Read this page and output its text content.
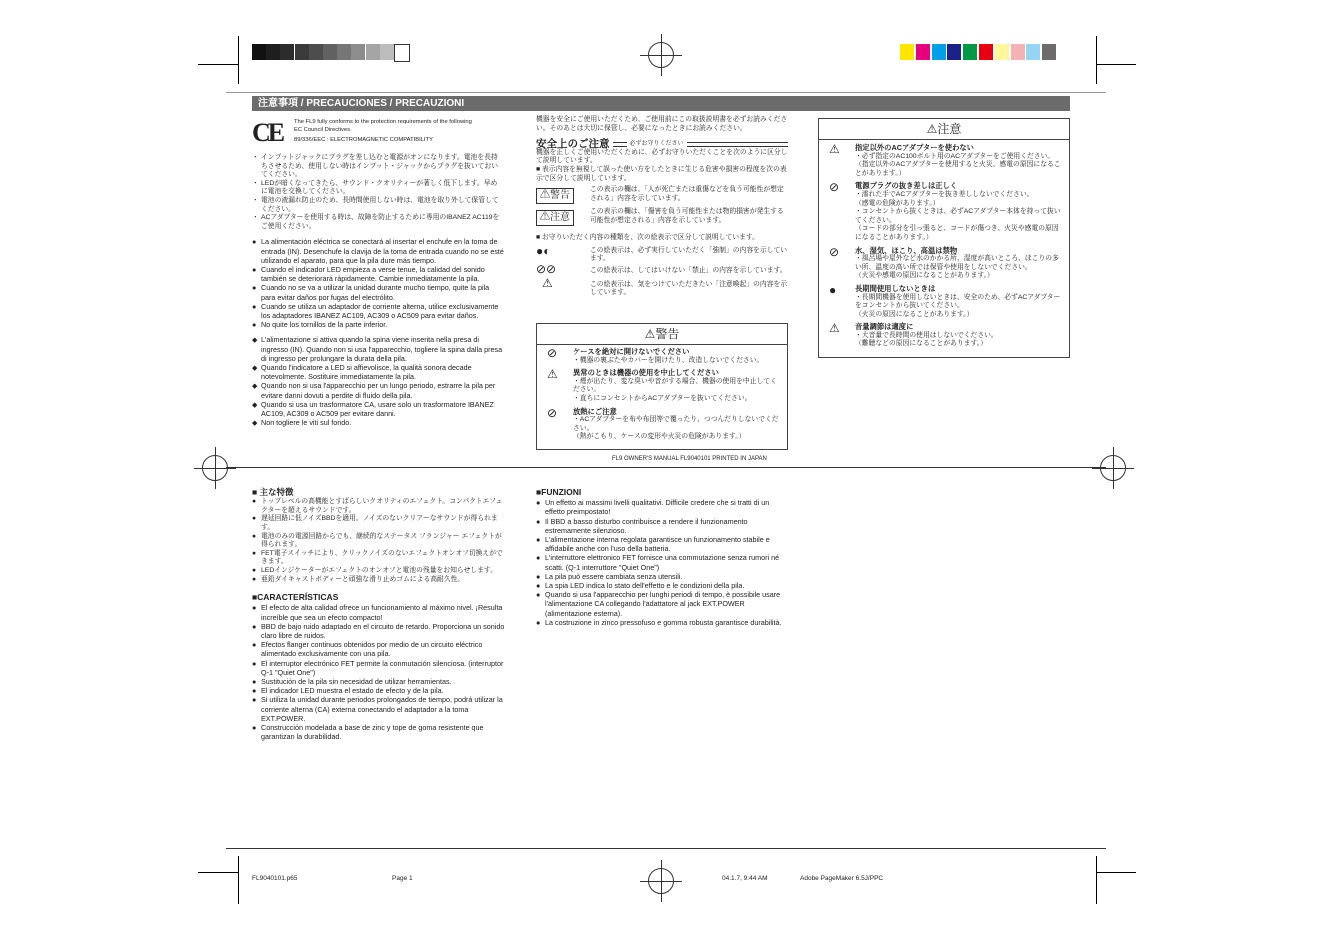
注意事項 / PRECAUCIONES / PRECAUZIONI
CE The FL9 fully conforms to the protection requirements of the following
EC Council Directives.
89/336/EEC : ELECTROMAGNETIC COMPATIBILITY
・ インプットジャックにプラグを差し込むと電源がオンになります。電池を長持ちさせるため、使用しない時はインプット・ジャックからプラグを抜いておいてください。
・ LEDが暗くなってきたら、サウンド・クオリティーが著しく低下します。早めに電池を交換してください。
・ 電池の液漏れ防止のため、長時間使用しない時は、電池を取り外して保管してください。
・ ACアダプターを使用する時は、故障を防止するために専用のIBANEZ AC119をご使用ください。
● La alimentación eléctrica se conectará al insertar el enchufe en la toma de entrada (IN). Desenchufe la clavija de la toma de entrada cuando no se esté utilizando el aparato, para que la pila dure más tiempo.
● Cuando el indicador LED empieza a verse tenue, la calidad del sonido también se deteriorará rápidamente. Cambie inmediatamente la pila.
● Cuando no se va a utilizar la unidad durante mucho tiempo, quite la pila para evitar daños por fugas del electrólito.
● Cuando se utiliza un adaptador de corriente alterna, utilice exclusivamente los adaptadores IBANEZ AC109, AC309 o AC509 para evitar daños.
● No quite los tornillos de la parte inferior.
◆ L'alimentazione si attiva quando la spina viene inserita nella presa di ingresso (IN). Quando non si usa l'apparecchio, togliere la spina dalla presa di ingresso per prolungare la durata della pila.
◆ Quando l'indicatore a LED si affievolisce, la qualità sonora decade notevolmente. Sostituire immediatamente la pila.
◆ Quando non si usa l'apparecchio per un lungo periodo, estrarre la pila per evitare danni dovuti a perdite di fluido della pila.
◆ Quando si usa un trasformatore CA, usare solo un trasformatore IBANEZ AC109, AC309 o AC509 per evitare danni.
◆ Non togliere le viti sul fondo.
機器を安全にご使用いただくため、ご使用前にこの取扱説明書を必ずお読みください。そのあとは大切に保管し、必要になったときにお読みください。
安全上のご注意	必ずお守りください
機器を正しくご使用いただくために、必ずお守りいただくことを次のように区分して説明しています。
■ 表示内容を無視して誤った使い方をしたときに生じる危害や損害の程度を次の表示で区分して説明しています。
⚠警告
この表示の欄は、「人が死亡または重傷などを負う可能性が想定される」内容を示しています。
⚠注意
この表示の欄は、「傷害を負う可能性または物的損害が発生する可能性が想定される」内容を示しています。
■ お守りいただく内容の種類を、次の絵表示で区分して説明しています。
●◐	この絵表示は、必ず実行していただく「強制」の内容を示しています。
⊘⊘	この絵表示は、してはいけない「禁止」の内容を示しています。
⚠	この絵表示は、気をつけていただきたい「注意喚起」の内容を示しています。
⚠警告
⊘ ケースを絶対に開けないでください
・機器の裏ぶたやカバーを開けたり、改造しないでください。
⚠ 異常のときは機器の使用を中止してください
・煙が出たり、変な臭いや音がする場合、機器の使用を中止してください。
・直ちにコンセントからACアダプターを抜いてください。
⊘ 放熱にご注意
・ACアダプターを布や布団等で覆ったり、つつんだりしないでください。
（熱がこもり、ケースの変形や火災の危険があります。）
⚠注意
⚠ 指定以外のACアダプターを使わない
・必ず指定のAC100ボルト用のACアダプターをご使用ください。
（指定以外のACアダプターを使用すると火災、感電の原因になることがあります。）
⊘ 電源プラグの抜き差しは正しく
・濡れた手でACアダプターを抜き差ししないでください。
（感電の危険があります。）
・コンセントから抜くときは、必ずACアダプター本体を持って抜いてください。
（コードの部分を引っ張ると、コードが傷つき、火災や感電の原因になることがあります。）
⊘ 水、湿気、ほこり、高温は禁物
・風呂場や屋外など水のかかる所、湿度が高いところ、ほこりの多い所、温度の高い所では保管や使用をしないでください。
（火災や感電の原因になることがあります。）
●	長期間使用しないときは
・長期間機器を使用しないときは、安全のため、必ずACアダプターをコンセントから抜いてください。
（火災の原因になることがあります。）
⚠ 音量調節は適度に
・大音量で長時間の使用はしないでください。
（難聴などの原因になることがあります。）
FL9 OWNER'S MANUAL FL9040101 PRINTED IN JAPAN
■ 主な特徴
● トップレベルの高機能とすばらしいクオリティのエフェクト。コンパクトエフェクターを超えるサウンドです。
● 遅延回路に低ノイズBBDを適用。ノイズのないクリアーなサウンドが得られます。
● 電池のみの電源回路からでも、継続的なステータス フランジャー エフェクトが得られます。
● FET電子スイッチにより、クリックノイズのないエフェクトオンオフ切換えができます。
● LEDインジケーターがエフェクトのオンオフと電池の残量をお知らせします。
● 亜鉛ダイキャストボディーと頑強な滑り止めゴムによる高耐久性。
■CARACTERÍSTICAS
● El efecto de alta calidad ofrece un funcionamiento al máximo nivel. ¡Resulta increíble que sea un efecto compacto!
● BBD de bajo ruido adaptado en el circuito de retardo. Proporciona un sonido claro libre de ruidos.
● Efectos flanger continuos obtenidos por medio de un circuito eléctrico alimentado exclusivamente con una pila.
● El interruptor electrónico FET permite la conmutación silenciosa. (interruptor Q-1 "Quiet One")
● Sustitución de la pila sin necesidad de utilizar herramientas.
● El indicador LED muestra el estado de efecto y de la pila.
● Si utiliza la unidad durante periodos prolongados de tiempo, podrá utilizar la corriente alterna (CA) externa conectando el adaptador a la toma EXT.POWER.
● Construcción modelada a base de zinc y tope de goma resistente que garantizan la durabilidad.
■FUNZIONI
● Un effetto ai massimi livelli qualitativi. Difficile credere che si tratti di un effetto preimpostato!
● Il BBD a basso disturbo contribuisce a rendere il funzionamento estremamente silenzioso.
● L'alimentazione interna regolata garantisce un funzionamento stabile e affidabile anche con l'uso della batteria.
● L'interruttore elettronico FET fornisce una commutazione senza rumori né scatti. (Q-1 interruttore "Quiet One")
● La pila può essere cambiata senza utensili.
● La spia LED indica lo stato dell'effetto e le condizioni della pila.
● Quando si usa l'apparecchio per lunghi periodi di tempo, è possibile usare l'alimentazione CA collegando l'adattatore al jack EXT.POWER (alimentazione esterna).
● La costruzione in zinco pressofuso e gomma robusta garantisce durabilità.
FL9040101.p65	Page 1	04.1.7, 9:44 AM	Adobe PageMaker 6.5J/PPC
